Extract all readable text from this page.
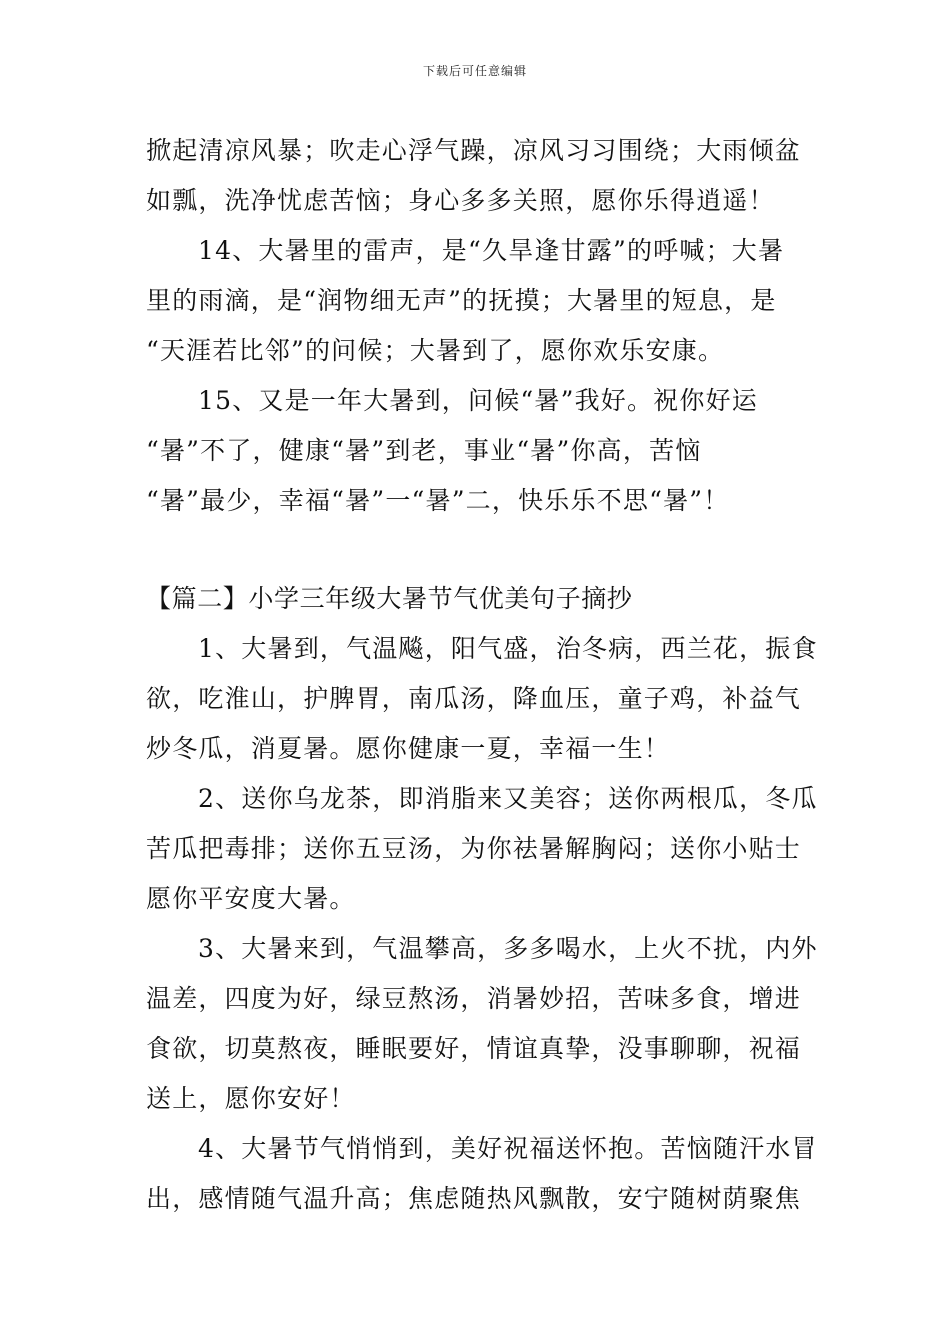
下载后可任意编辑
掀起清凉风暴；吹走心浮气躁，凉风习习围绕；大雨倾盆
如瓢，洗净忧虑苦恼；身心多多关照，愿你乐得逍遥！
14、大暑里的雷声，是“久旱逢甘露”的呼喊；大暑
里的雨滴，是“润物细无声”的抚摸；大暑里的短息，是
“天涯若比邻”的问候；大暑到了，愿你欢乐安康。
15、又是一年大暑到，问候“暑”我好。祝你好运
“暑”不了，健康“暑”到老，事业“暑”你高，苦恼
“暑”最少，幸福“暑”一“暑”二，快乐乐不思“暑”！
【篇二】小学三年级大暑节气优美句子摘抄
1、大暑到，气温飚，阳气盛，治冬病，西兰花，振食
欲，吃淮山，护脾胃，南瓜汤，降血压，童子鸡，补益气
炒冬瓜，消夏暑。愿你健康一夏，幸福一生！
2、送你乌龙茶，即消脂来又美容；送你两根瓜，冬瓜
苦瓜把毒排；送你五豆汤，为你祛暑解胸闷；送你小贴士
愿你平安度大暑。
3、大暑来到，气温攀高，多多喝水，上火不扰，内外
温差，四度为好，绿豆熬汤，消暑妙招，苦味多食，增进
食欲，切莫熬夜，睡眠要好，情谊真挚，没事聊聊，祝福
送上，愿你安好！
4、大暑节气悄悄到，美好祝福送怀抱。苦恼随汗水冒
出，感情随气温升高；焦虑随热风飘散，安宁随树荫聚焦
